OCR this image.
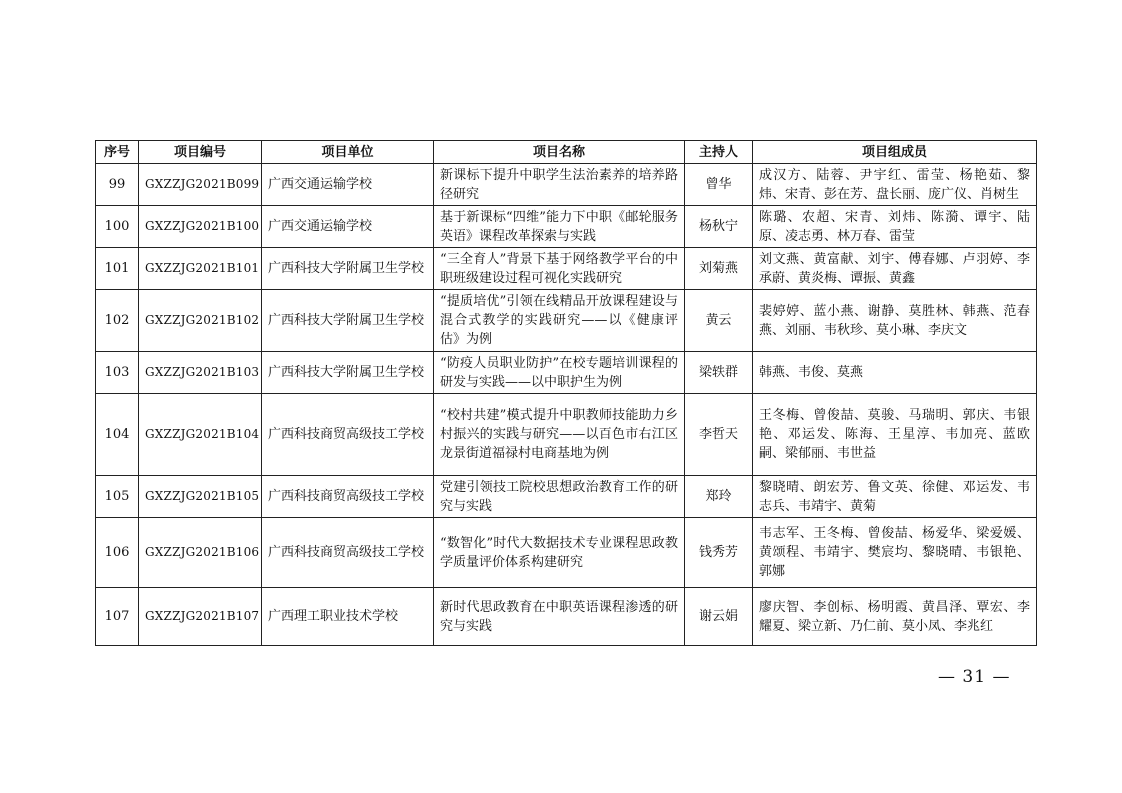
序号	项目编号	项目单位	项目名称	主持人	项目组成员
99	GXZZJG2021B099	广西交通运输学校	新课标下提升中职学生法治素养的培养路径研究	曾华	成汉方、陆蓉、尹宇红、雷莹、杨艳茹、黎炜、宋青、彭在芳、盘长丽、庞广仪、肖树生
100	GXZZJG2021B100	广西交通运输学校	基于新课标“四维”能力下中职《邮轮服务英语》课程改革探索与实践	杨秋宁	陈璐、农超、宋青、刘炜、陈漪、谭宇、陆原、凌志勇、林万春、雷莹
101	GXZZJG2021B101	广西科技大学附属卫生学校	“三全育人”背景下基于网络教学平台的中职班级建设过程可视化实践研究	刘菊燕	刘文燕、黄富献、刘宇、傅春娜、卢羽婷、李承蔚、黄炎梅、谭振、黄鑫
102	GXZZJG2021B102	广西科技大学附属卫生学校	“提质培优”引领在线精品开放课程建设与混合式教学的实践研究——以《健康评估》为例	黄云	裴婷婷、蓝小燕、谢静、莫胜林、韩燕、范春燕、刘丽、韦秋珍、莫小琳、李庆文
103	GXZZJG2021B103	广西科技大学附属卫生学校	“防疫人员职业防护”在校专题培训课程的研发与实践——以中职护生为例	梁轶群	韩燕、韦俊、莫燕
104	GXZZJG2021B104	广西科技商贸高级技工学校	“校村共建”模式提升中职教师技能助力乡村振兴的实践与研究——以百色市右江区龙景街道福禄村电商基地为例	李哲天	王冬梅、曾俊喆、莫骏、马瑞明、郭庆、韦银艳、邓运发、陈海、王星淳、韦加亮、蓝欧嗣、梁郁丽、韦世益
105	GXZZJG2021B105	广西科技商贸高级技工学校	党建引领技工院校思想政治教育工作的研究与实践	郑玲	黎晓晴、朗宏芳、鲁文英、徐健、邓运发、韦志兵、韦靖宇、黄菊
106	GXZZJG2021B106	广西科技商贸高级技工学校	“数智化”时代大数据技术专业课程思政教学质量评价体系构建研究	钱秀芳	韦志军、王冬梅、曾俊喆、杨爱华、梁爱媛、黄颂程、韦靖宇、樊宸均、黎晓晴、韦银艳、郭娜
107	GXZZJG2021B107	广西理工职业技术学校	新时代思政教育在中职英语课程渗透的研究与实践	谢云娟	廖庆智、李创标、杨明霞、黄昌泽、覃宏、李耀夏、梁立新、乃仁前、莫小凤、李兆红
— 31 —
